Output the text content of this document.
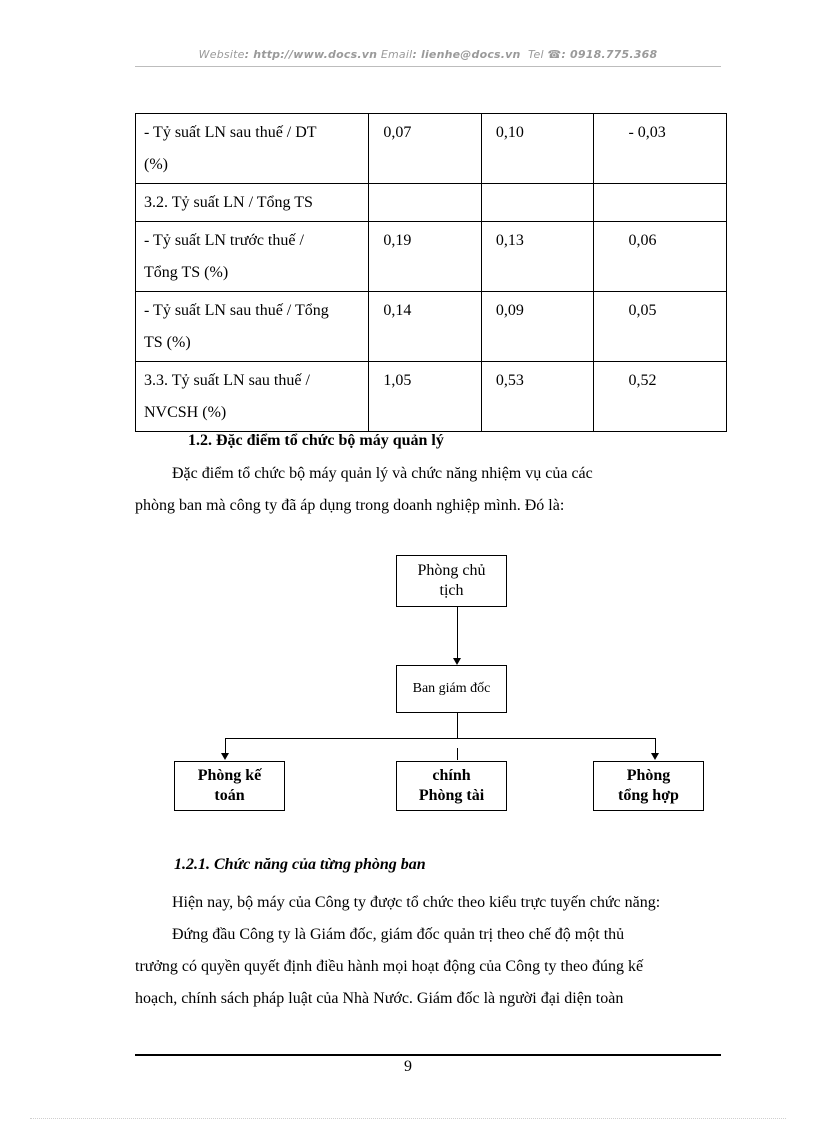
Website: http://www.docs.vn Email: lienhe@docs.vn Tel ☎: 0918.775.368
- Tỷ suất LN sau thuế / DT
(%)	0,07	0,10	- 0,03
3.2. Tỷ suất LN / Tổng TS			
- Tỷ suất LN trước thuế /
Tổng TS (%)	0,19	0,13	0,06
- Tỷ suất LN sau thuế / Tổng
TS (%)	0,14	0,09	0,05
3.3. Tỷ suất LN sau thuế /
NVCSH (%)	1,05	0,53	0,52
1.2. Đặc điểm tổ chức bộ máy quản lý
Đặc điểm tổ chức bộ máy quản lý và chức năng nhiệm vụ của các
phòng ban mà công ty đã áp dụng trong doanh nghiệp mình. Đó là:
Phòng chủ
tịch
Ban giám đốc
Phòng kế
toán
chính
Phòng tài
Phòng
tổng hợp
1.2.1. Chức năng của từng phòng ban
Hiện nay, bộ máy của Công ty được tổ chức theo kiểu trực tuyến chức năng:
Đứng đầu Công ty là Giám đốc, giám đốc quản trị theo chế độ một thủ
trưởng có quyền quyết định điều hành mọi hoạt động của Công ty theo đúng kế
hoạch, chính sách pháp luật của Nhà Nước. Giám đốc là người đại diện toàn
9
